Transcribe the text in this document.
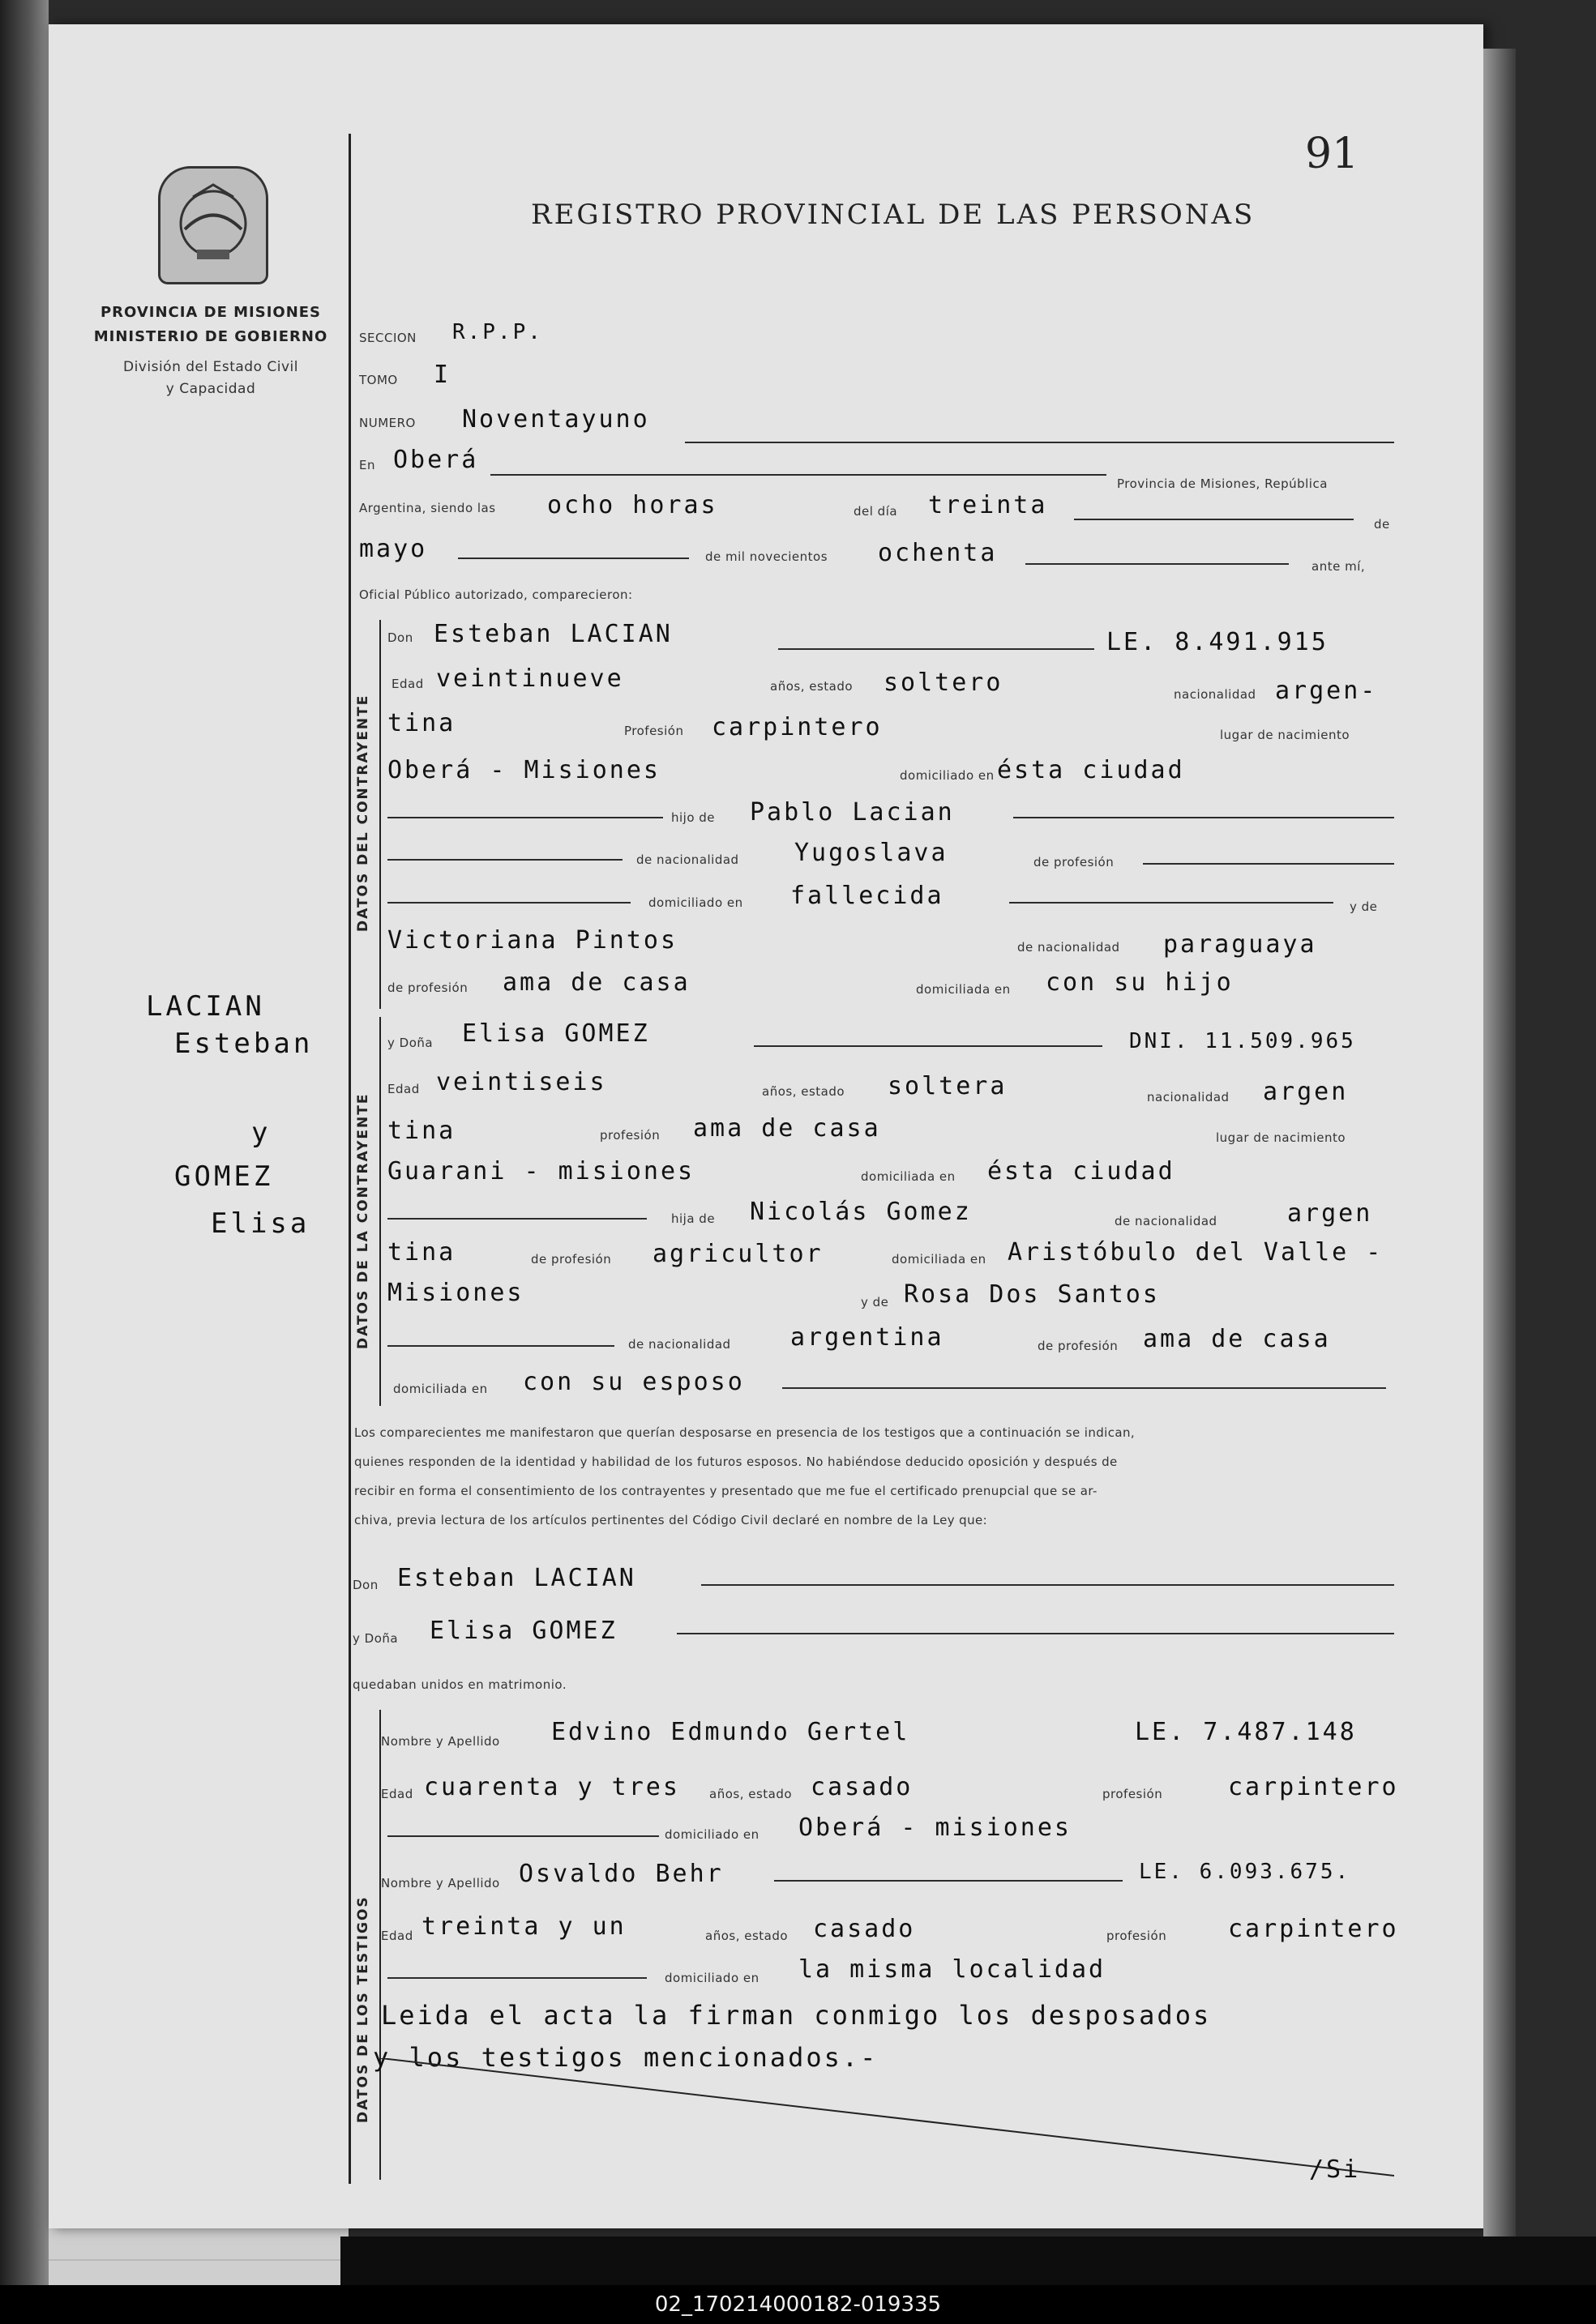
LACIAN
Esteban
y
GOMEZ
Elisa
PROVINCIA DE MISIONES
MINISTERIO DE GOBIERNO
División del Estado Civil
y Capacidad
91
REGISTRO PROVINCIAL DE LAS PERSONAS
SECCION R.P.P.
TOMO I
NUMERO Noventayuno
En Oberá
Provincia de Misiones, República
Argentina, siendo las ocho horas	del día treinta
de
mayo	de mil novecientos ochenta	ante mí,
Oficial Público autorizado, comparecieron:
DATOS DEL CONTRAYENTE
Don Esteban LACIAN	LE. 8.491.915
Edad veintinueve	años, estado soltero	nacionalidad argen-
tina	Profesión carpintero	lugar de nacimiento
Oberá - Misiones	domiciliado en ésta ciudad
hijo de Pablo Lacian
de nacionalidad Yugoslava	de profesión
domiciliado en fallecida	y de
Victoriana Pintos	de nacionalidad paraguaya
de profesión ama de casa	domiciliada en con su hijo
DATOS DE LA CONTRAYENTE
y Doña Elisa GOMEZ	DNI. 11.509.965
Edad veintiseis	años, estado soltera	nacionalidad argen
tina	profesión ama de casa	lugar de nacimiento
Guarani - misiones	domiciliada en ésta ciudad
hija de Nicolás Gomez	de nacionalidad	argen
tina	de profesión agricultor	domiciliada en Aristóbulo del Valle -
Misiones	y de Rosa Dos Santos
de nacionalidad argentina	de profesión ama de casa
domiciliada en con su esposo
Los comparecientes me manifestaron que querían desposarse en presencia de los testigos que a continuación se indican,
quienes responden de la identidad y habilidad de los futuros esposos. No habiéndose deducido oposición y después de
recibir en forma el consentimiento de los contrayentes y presentado que me fue el certificado prenupcial que se ar-
chiva, previa lectura de los artículos pertinentes del Código Civil declaré en nombre de la Ley que:
Don Esteban LACIAN
y Doña Elisa GOMEZ
quedaban unidos en matrimonio.
DATOS DE LOS TESTIGOS
Nombre y Apellido Edvino Edmundo Gertel	LE. 7.487.148
Edad cuarenta y tres años, estado casado	profesión	carpintero
domiciliado en Oberá - misiones
Nombre y Apellido Osvaldo Behr	LE. 6.093.675.
Edad treinta y un	años, estado casado	profesión	carpintero
domiciliado en la misma localidad
Leida el acta la firman conmigo los desposados
y los testigos mencionados.-
/Si
02_170214000182-019335
